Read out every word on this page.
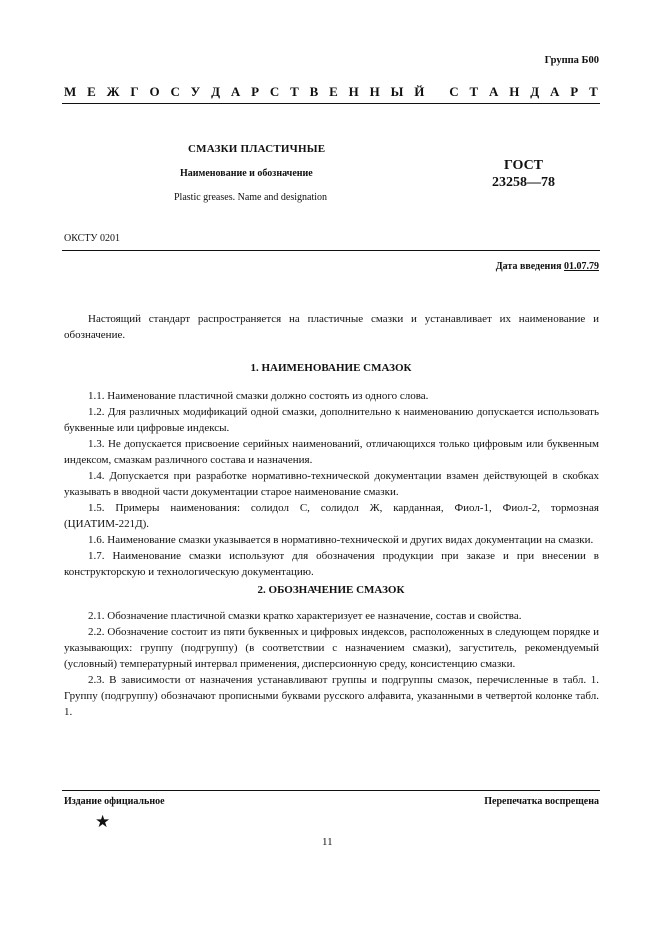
Группа Б00
М Е Ж Г О С У Д А Р С Т В Е Н Н Ы Й
С Т А Н Д А Р Т
СМАЗКИ ПЛАСТИЧНЫЕ
Наименование и обозначение
Plastic greases. Name and designation
ГОСТ
23258—78
ОКСТУ 0201
Дата введения 01.07.79

Настоящий стандарт распространяется на пластичные смазки и устанавливает их наименование и обозначение.

1. НАИМЕНОВАНИЕ СМАЗОК

1.1. Наименование пластичной смазки должно состоять из одного слова.

1.2. Для различных модификаций одной смазки, дополнительно к наименованию допускается использовать буквенные или цифровые индексы.

1.3. Не допускается присвоение серийных наименований, отличающихся только цифровым или буквенным индексом, смазкам различного состава и назначения.

1.4. Допускается при разработке нормативно-технической документации взамен действующей в скобках указывать в вводной части документации старое наименование смазки.

1.5. Примеры наименования: солидол С, солидол Ж, карданная, Фиол-1, Фиол-2, тормозная (ЦИАТИМ-221Д).

1.6. Наименование смазки указывается в нормативно-технической и других видах документации на смазки.

1.7. Наименование смазки используют для обозначения продукции при заказе и при внесении в конструкторскую и технологическую документацию.

2. ОБОЗНАЧЕНИЕ СМАЗОК

2.1. Обозначение пластичной смазки кратко характеризует ее назначение, состав и свойства.

2.2. Обозначение состоит из пяти буквенных и цифровых индексов, расположенных в следующем порядке и указывающих: группу (подгруппу) (в соответствии с назначением смазки), загуститель, рекомендуемый (условный) температурный интервал применения, дисперсионную среду, консистенцию смазки.

2.3. В зависимости от назначения устанавливают группы и подгруппы смазок, перечисленные в табл. 1. Группу (подгруппу) обозначают прописными буквами русского алфавита, указанными в четвертой колонке табл. 1.

Издание официальное	Перепечатка воспрещена
★
11
